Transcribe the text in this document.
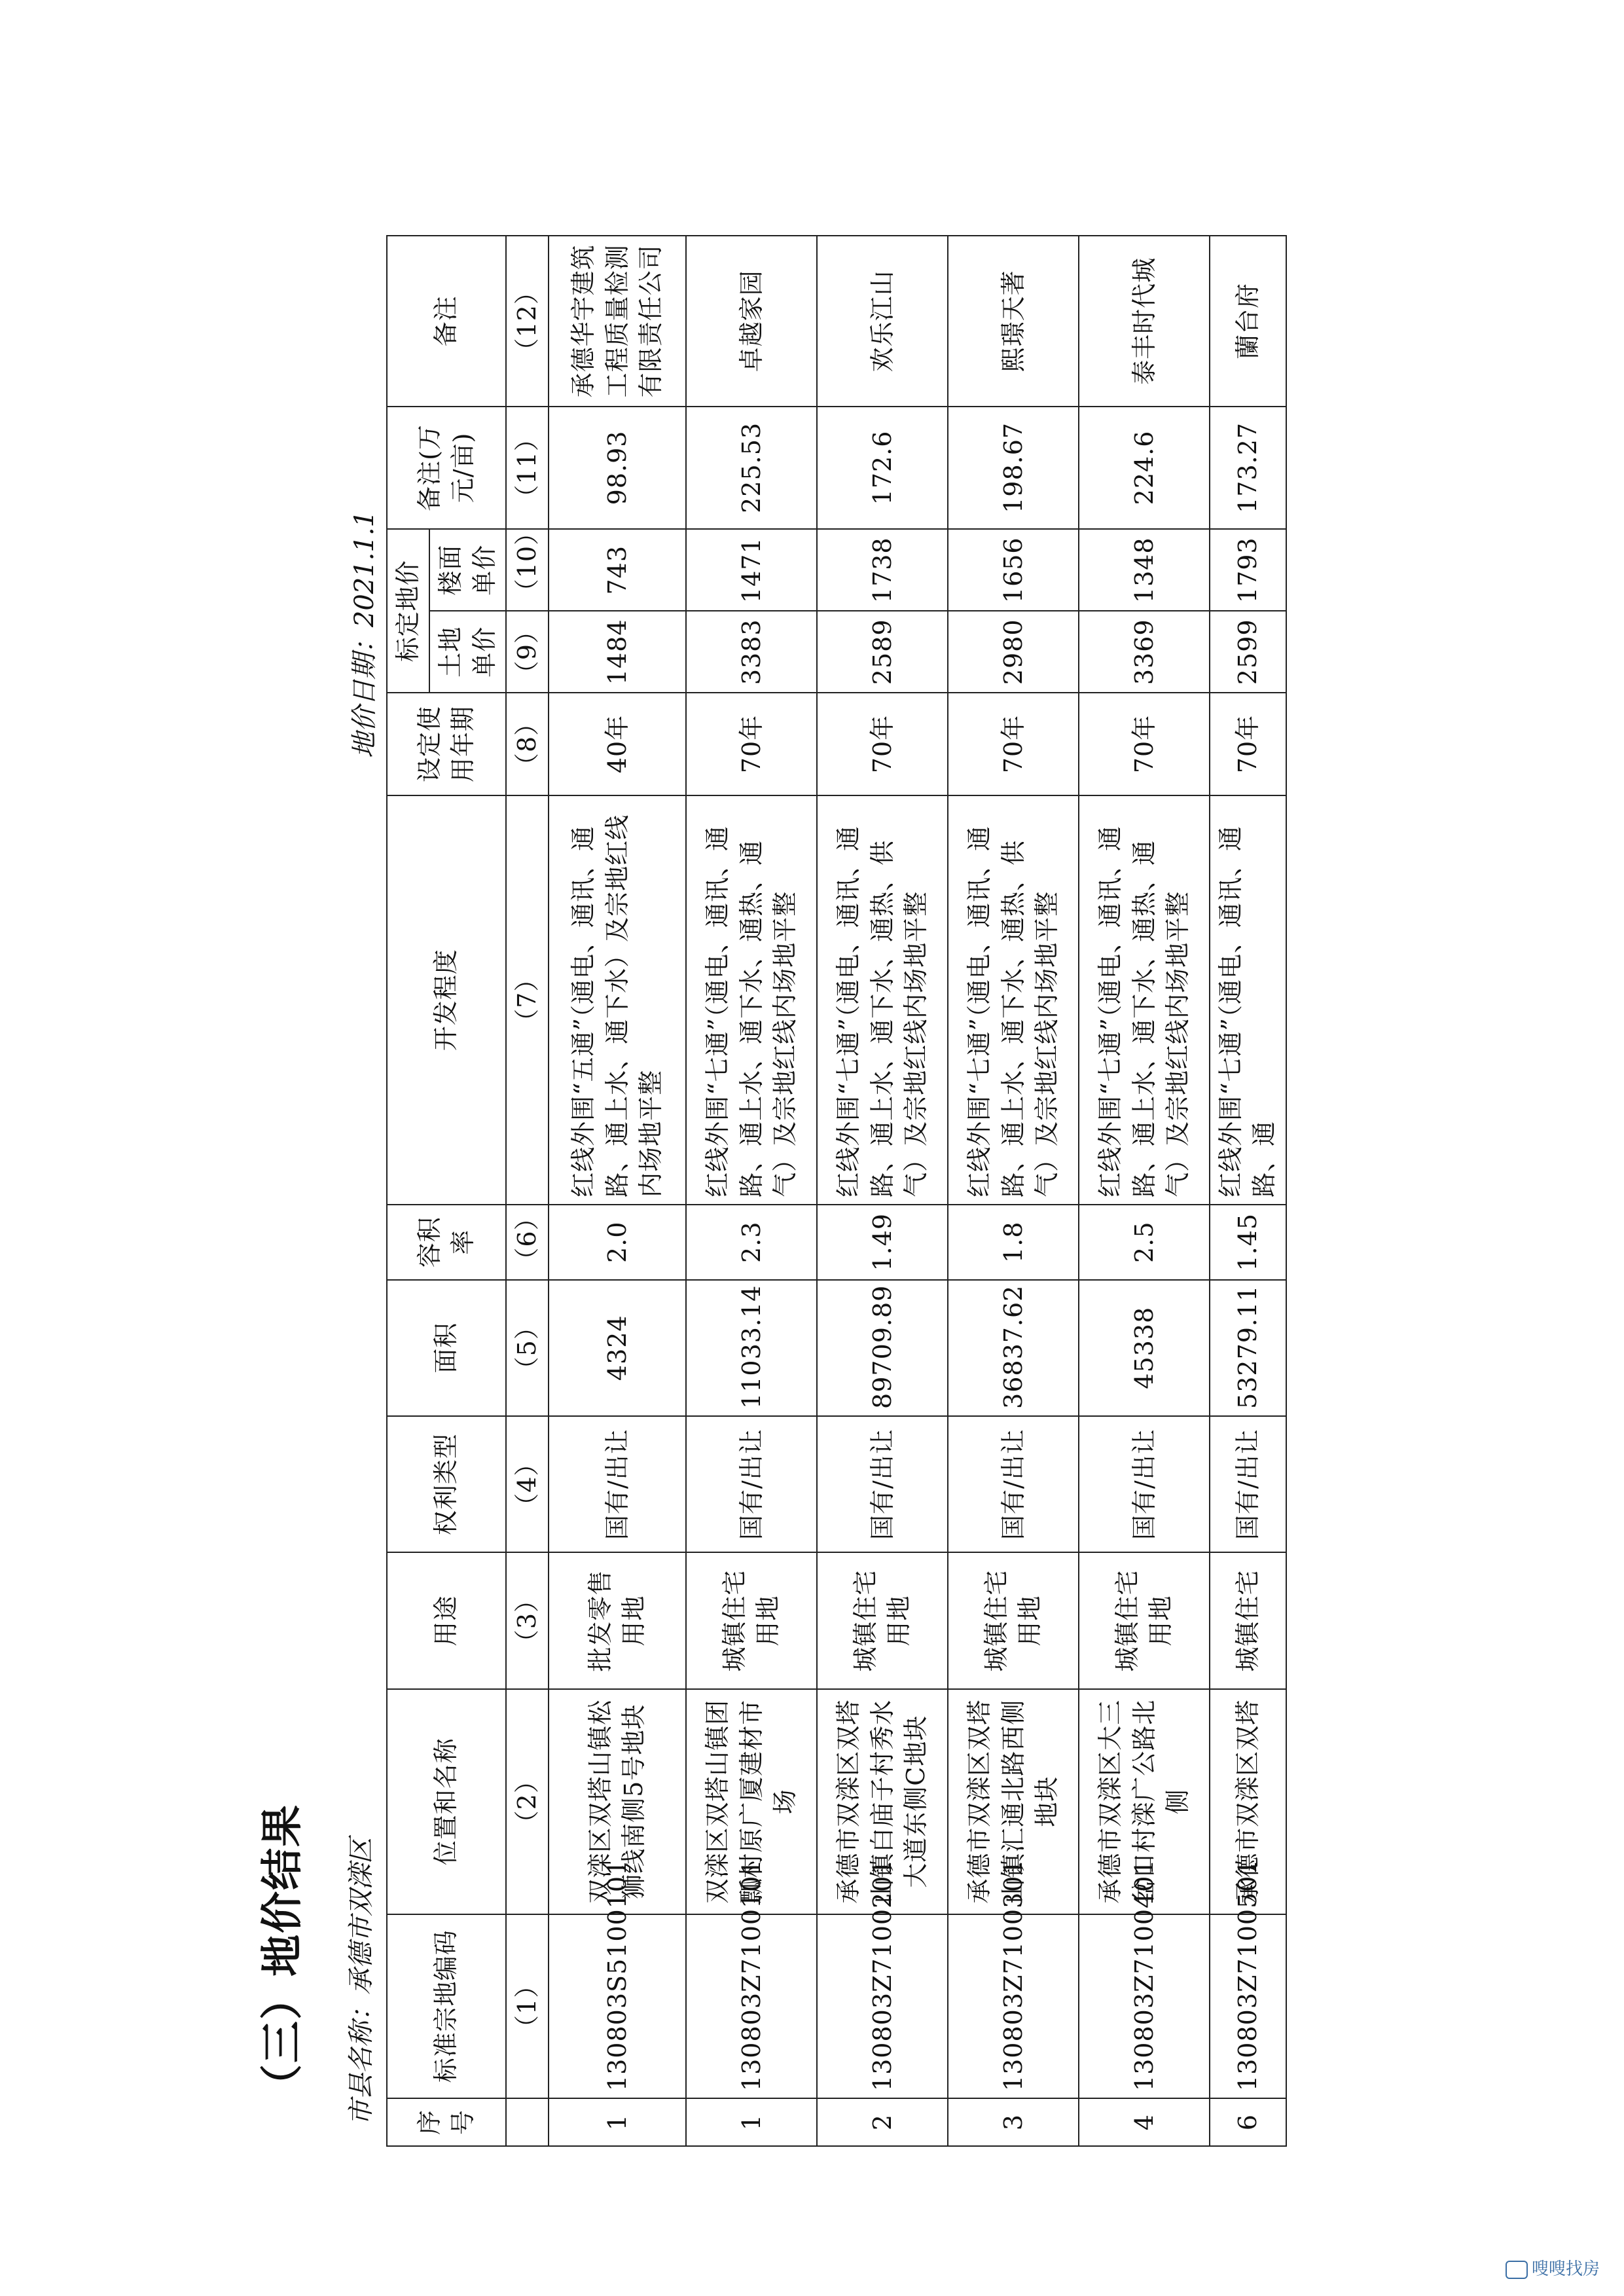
（三）地价结果 市县名称：承德市双滦区
地价日期：2021.1.1
序号	标准宗地编码	位置和名称	用途	权利类型	面积	容积率	开发程度	设定使用年期	标定地价		备注(万元/亩)	备注
									土地单价	楼面单价		
	（1）	（2）	（3）	（4）	（5）	（6）	（7）	（8）	（9）	（10）	（11）	（12）
1	130803S5100101	双滦区双塔山镇松狮线南侧5号地块	批发零售用地	国有/出让	4324	2.0	红线外围“五通”（通电、通讯、通路、通上水、通下水）及宗地红线内场地平整	40年	1484	743	98.93	承德华宇建筑工程质量检测有限责任公司
1	130803Z7100101	双滦区双塔山镇团瓢村原广厦建材市场	城镇住宅用地	国有/出让	11033.14	2.3	红线外围“七通”（通电、通讯、通路、通上水、通下水、通热、通气）及宗地红线内场地平整	70年	3383	1471	225.53	卓越家园
2	130803Z7100201	承德市双滦区双塔山镇白庙子村秀水大道东侧C地块	城镇住宅用地	国有/出让	89709.89	1.49	红线外围“七通”（通电、通讯、通路、通上水、通下水、通热、供气）及宗地红线内场地平整	70年	2589	1738	172.6	欢乐江山
3	130803Z7100301	承德市双滦区双塔山镇汇通北路西侧地块	城镇住宅用地	国有/出让	36837.62	1.8	红线外围“七通”（通电、通讯、通路、通上水、通下水、通热、供气）及宗地红线内场地平整	70年	2980	1656	198.67	熙璟天著
4	130803Z7100401	承德市双滦区大三岔口村滦广公路北侧	城镇住宅用地	国有/出让	45338	2.5	红线外围“七通”（通电、通讯、通路、通上水、通下水、通热、通气）及宗地红线内场地平整	70年	3369	1348	224.6	泰丰时代城
6	130803Z7100501	承德市双滦区双塔	城镇住宅	国有/出让	53279.11	1.45	红线外围“七通”（通电、通讯、通路、通	70年	2599	1793	173.27	蘭台府
嗖嗖找房
